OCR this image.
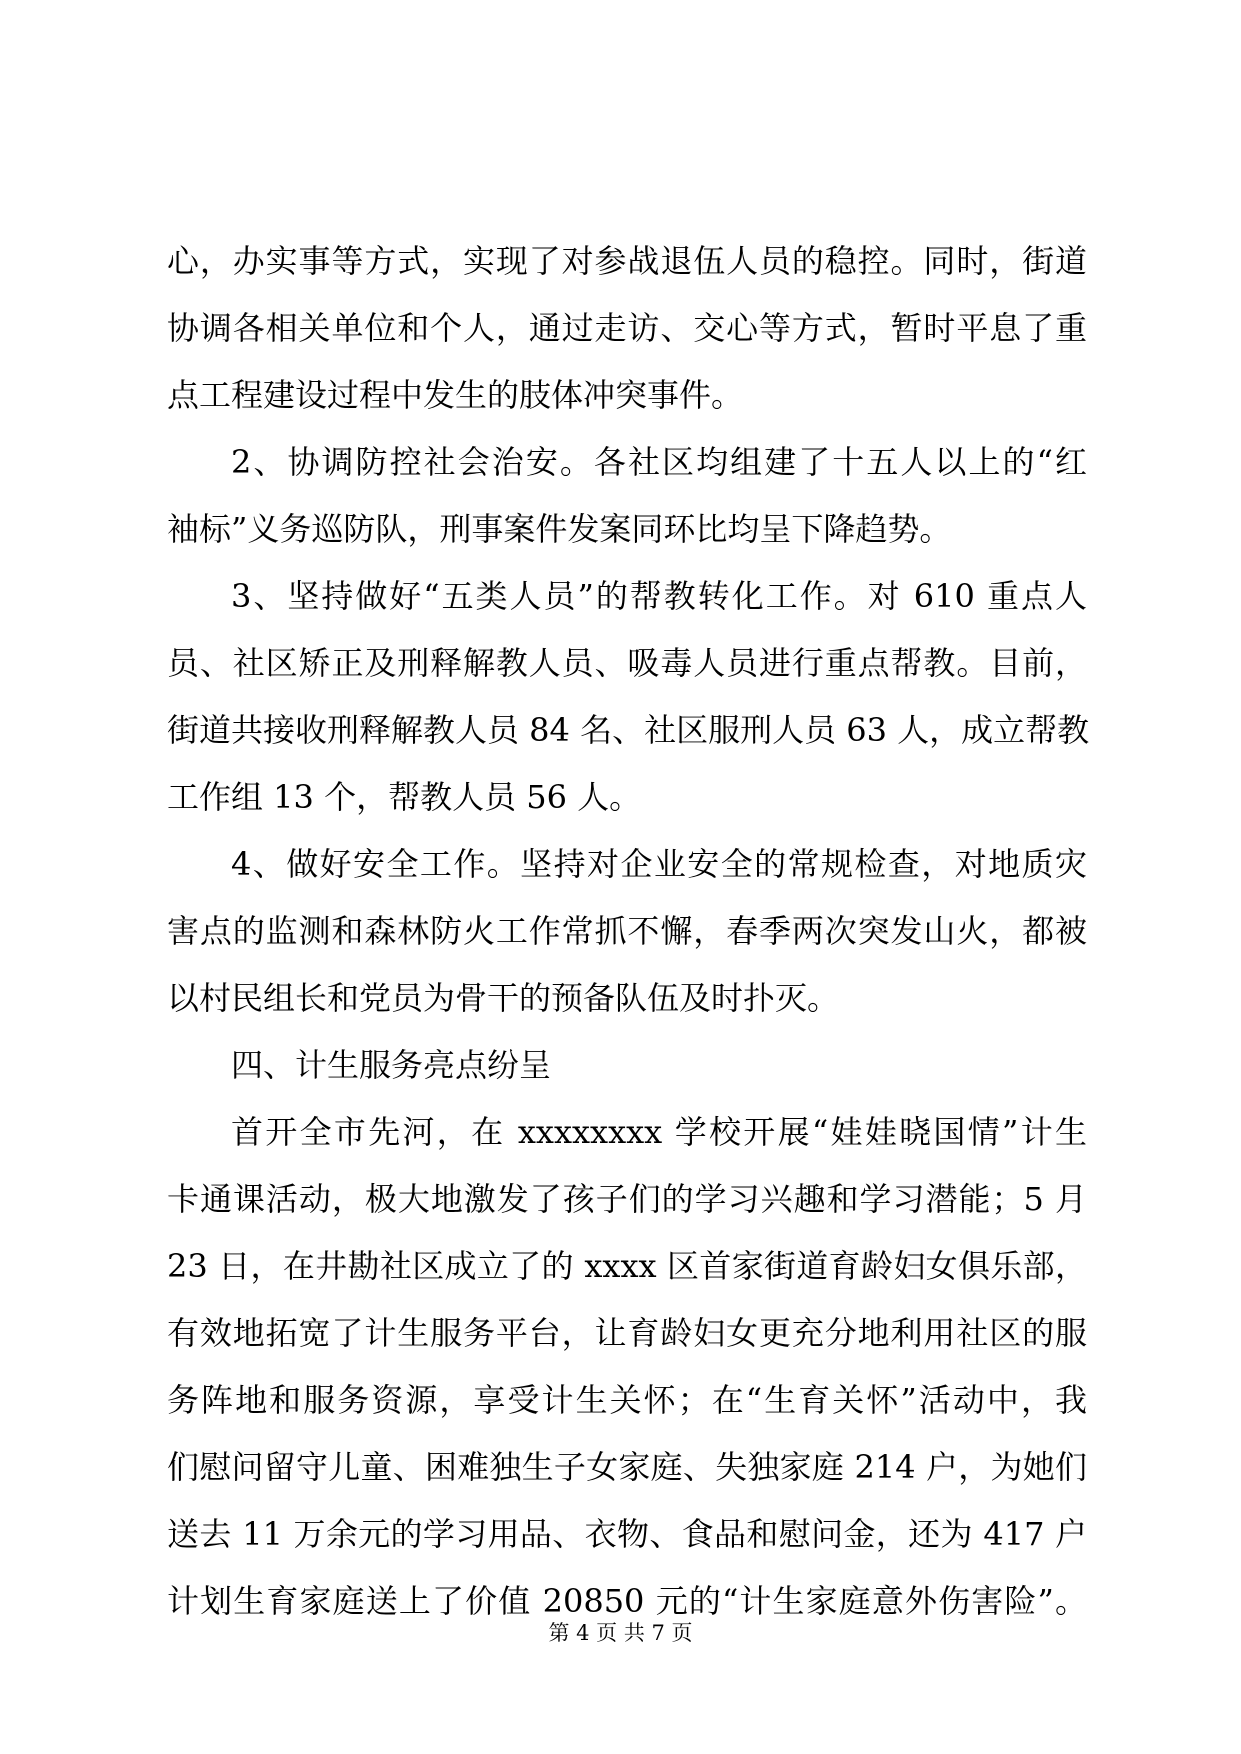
心，办实事等方式，实现了对参战退伍人员的稳控。同时，街道
协调各相关单位和个人，通过走访、交心等方式，暂时平息了重
点工程建设过程中发生的肢体冲突事件。
2、协调防控社会治安。各社区均组建了十五人以上的“红
袖标”义务巡防队，刑事案件发案同环比均呈下降趋势。
3、坚持做好“五类人员”的帮教转化工作。对 610 重点人
员、社区矫正及刑释解教人员、吸毒人员进行重点帮教。目前，
街道共接收刑释解教人员 84 名、社区服刑人员 63 人，成立帮教
工作组 13 个，帮教人员 56 人。
4、做好安全工作。坚持对企业安全的常规检查，对地质灾
害点的监测和森林防火工作常抓不懈，春季两次突发山火，都被
以村民组长和党员为骨干的预备队伍及时扑灭。
四、计生服务亮点纷呈
首开全市先河，在 xxxxxxxx 学校开展“娃娃晓国情”计生
卡通课活动，极大地激发了孩子们的学习兴趣和学习潜能；5 月
23 日，在井勘社区成立了的 xxxx 区首家街道育龄妇女俱乐部，
有效地拓宽了计生服务平台，让育龄妇女更充分地利用社区的服
务阵地和服务资源，享受计生关怀；在“生育关怀”活动中，我
们慰问留守儿童、困难独生子女家庭、失独家庭 214 户，为她们
送去 11 万余元的学习用品、衣物、食品和慰问金，还为 417 户
计划生育家庭送上了价值 20850 元的“计生家庭意外伤害险”。
第 4 页 共 7 页
